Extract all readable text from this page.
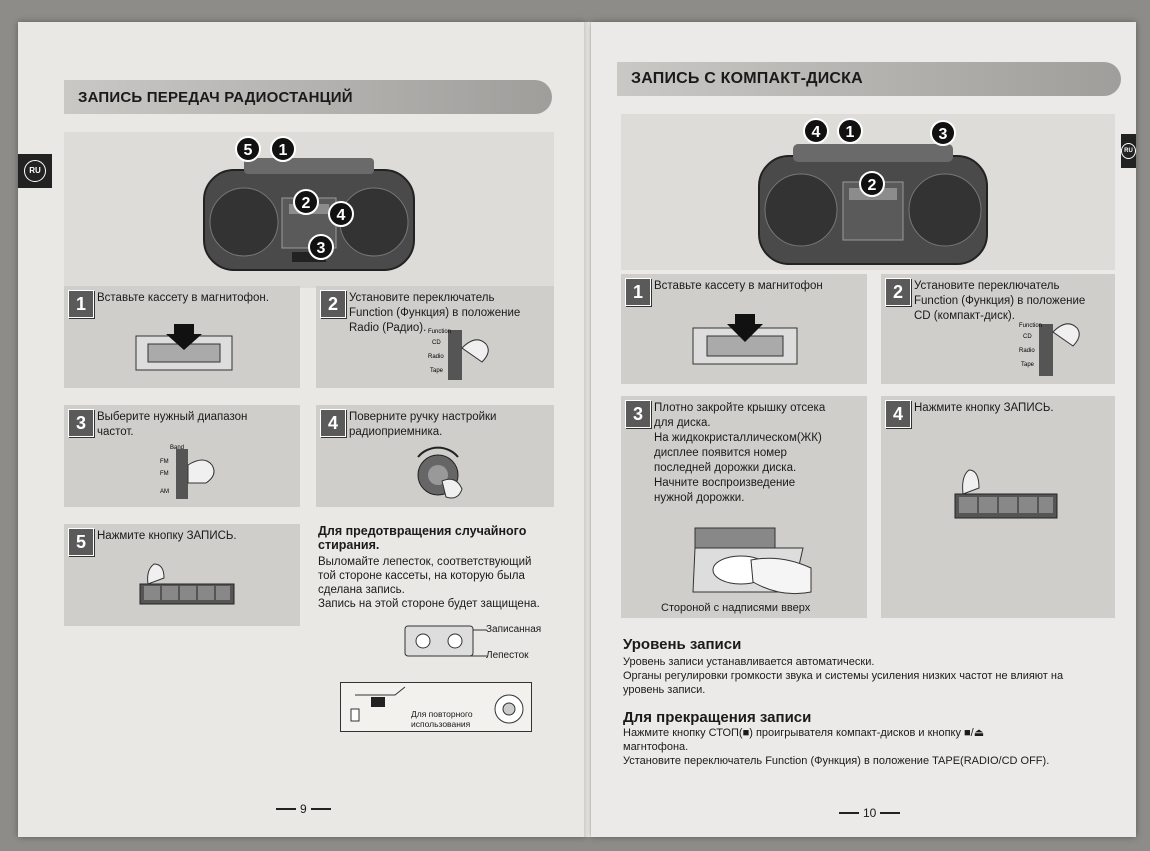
ЗАПИСЬ ПЕРЕДАЧ РАДИОСТАНЦИЙ
RU
5 1
2
4
3
1 Вставьте кассету в магнитофон.	2 Установите переключатель
Function (Функция) в положение
Radio (Радио). Function
CD
Radio
Tape
3 Выберите нужный диапазон
частот.
Band
FM
FM
AM
4 Поверните ручку настройки
радиоприемника.
5 Нажмите кнопку ЗАПИСЬ.	Для предотвращения случайного стирания.
Выломайте лепесток, соответствующий
той стороне кассеты, на которую была
сделана запись.
Запись на этой стороне будет защищена.
Записанная
Лепесток
Для повторного
использования
9
ЗАПИСЬ С КОМПАКТ-ДИСКА
RU
4 1	3
2
1 Вставьте кассету в магнитофон	2 Установите переключатель
Function (Функция) в положение
CD (компакт-диск).
Function
CD
Radio
Tape
3 Плотно закройте крышку отсека
для диска.
На жидкокристаллическом(ЖК)
дисплее появится номер
последней дорожки диска.
Начните воспроизведение
нужной дорожки.
Стороной с надписями вверх
4 Нажмите кнопку ЗАПИСЬ.
Уровень записи
Уровень записи устанавливается автоматически.
Органы регулировки громкости звука и системы усиления низких частот не влияют на
уровень записи.
Для прекращения записи
Нажмите кнопку СТОП(■) проигрывателя компакт-дисков и кнопку ■/⏏
магнтофона.
Установите переключатель Function (Функция) в положение TAPE(RADIO/CD OFF).
10
